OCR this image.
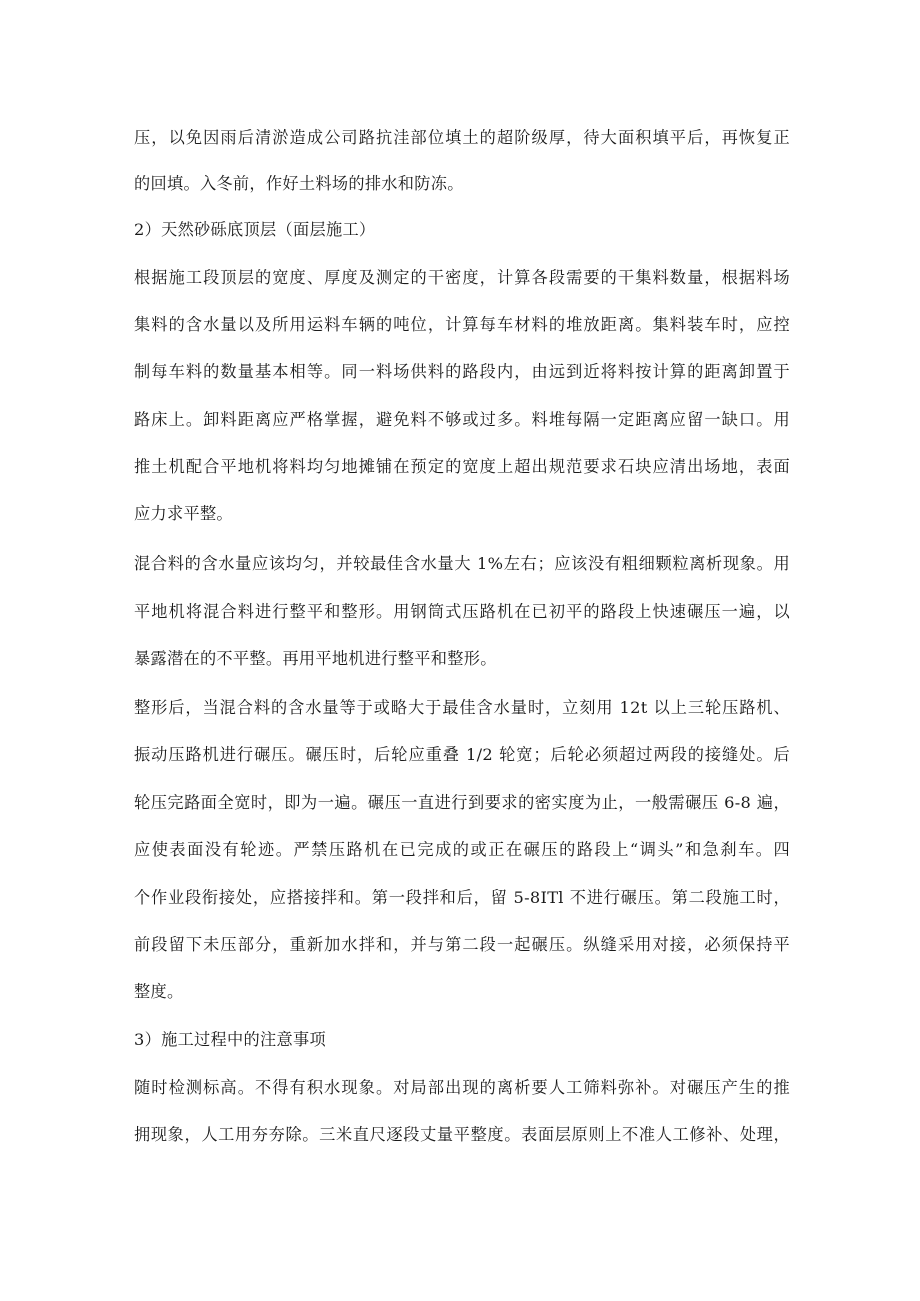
压，以免因雨后清淤造成公司路抗洼部位填土的超阶级厚，待大面积填平后，再恢复正
的回填。入冬前，作好土料场的排水和防冻。
2）天然砂砾底顶层（面层施工）
根据施工段顶层的宽度、厚度及测定的干密度，计算各段需要的干集料数量，根据料场
集料的含水量以及所用运料车辆的吨位，计算每车材料的堆放距离。集料装车时，应控
制每车料的数量基本相等。同一料场供料的路段内，由远到近将料按计算的距离卸置于
路床上。卸料距离应严格掌握，避免料不够或过多。料堆每隔一定距离应留一缺口。用
推土机配合平地机将料均匀地摊铺在预定的宽度上超出规范要求石块应清出场地，表面
应力求平整。
混合料的含水量应该均匀，并较最佳含水量大 1%左右；应该没有粗细颗粒离析现象。用
平地机将混合料进行整平和整形。用钢筒式压路机在已初平的路段上快速碾压一遍，以
暴露潜在的不平整。再用平地机进行整平和整形。
整形后，当混合料的含水量等于或略大于最佳含水量时，立刻用 12t 以上三轮压路机、
振动压路机进行碾压。碾压时，后轮应重叠 1/2 轮宽；后轮必须超过两段的接缝处。后
轮压完路面全宽时，即为一遍。碾压一直进行到要求的密实度为止，一般需碾压 6-8 遍，
应使表面没有轮迹。严禁压路机在已完成的或正在碾压的路段上“调头”和急刹车。四
个作业段衔接处，应搭接拌和。第一段拌和后，留 5-8ITl 不进行碾压。第二段施工时，
前段留下未压部分，重新加水拌和，并与第二段一起碾压。纵缝采用对接，必须保持平
整度。
3）施工过程中的注意事项
随时检测标高。不得有积水现象。对局部出现的离析要人工筛料弥补。对碾压产生的推
拥现象，人工用夯夯除。三米直尺逐段丈量平整度。表面层原则上不准人工修补、处理，
